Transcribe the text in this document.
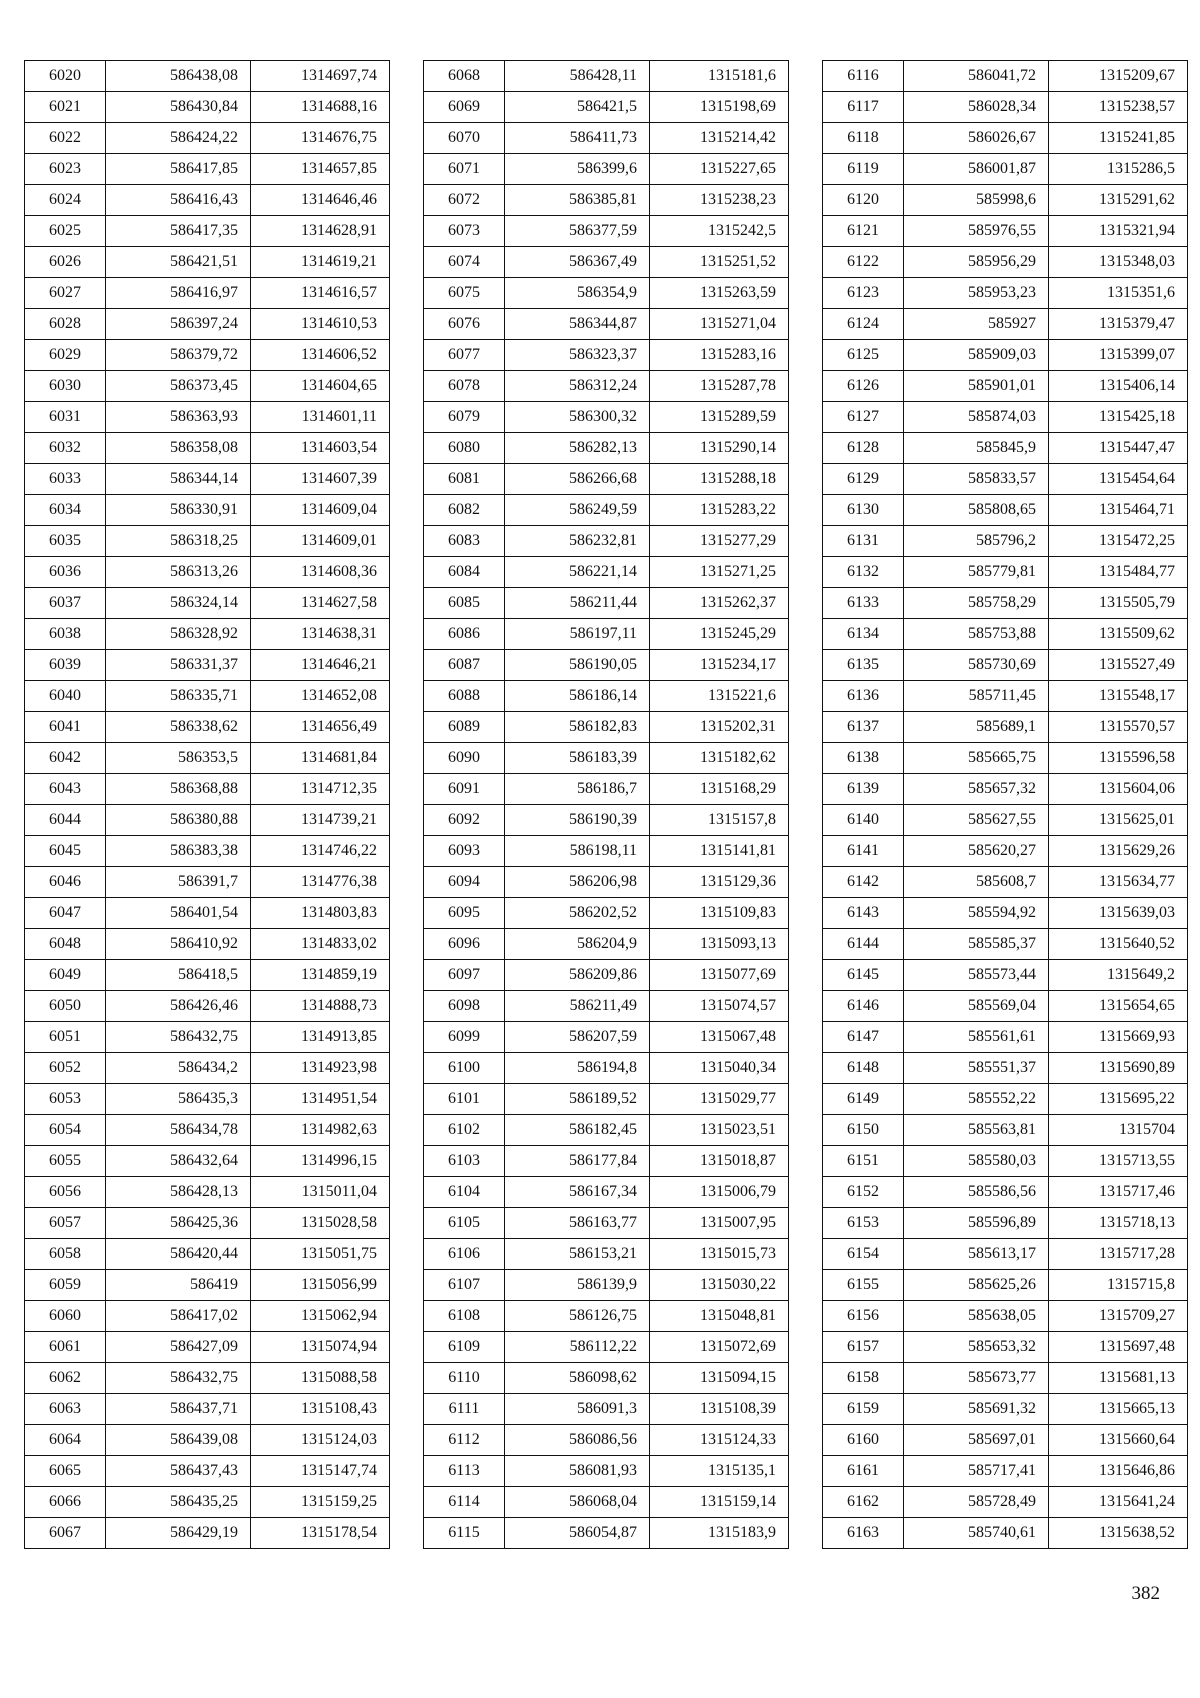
6020	586438,08	1314697,74
6021	586430,84	1314688,16
6022	586424,22	1314676,75
6023	586417,85	1314657,85
6024	586416,43	1314646,46
6025	586417,35	1314628,91
6026	586421,51	1314619,21
6027	586416,97	1314616,57
6028	586397,24	1314610,53
6029	586379,72	1314606,52
6030	586373,45	1314604,65
6031	586363,93	1314601,11
6032	586358,08	1314603,54
6033	586344,14	1314607,39
6034	586330,91	1314609,04
6035	586318,25	1314609,01
6036	586313,26	1314608,36
6037	586324,14	1314627,58
6038	586328,92	1314638,31
6039	586331,37	1314646,21
6040	586335,71	1314652,08
6041	586338,62	1314656,49
6042	586353,5	1314681,84
6043	586368,88	1314712,35
6044	586380,88	1314739,21
6045	586383,38	1314746,22
6046	586391,7	1314776,38
6047	586401,54	1314803,83
6048	586410,92	1314833,02
6049	586418,5	1314859,19
6050	586426,46	1314888,73
6051	586432,75	1314913,85
6052	586434,2	1314923,98
6053	586435,3	1314951,54
6054	586434,78	1314982,63
6055	586432,64	1314996,15
6056	586428,13	1315011,04
6057	586425,36	1315028,58
6058	586420,44	1315051,75
6059	586419	1315056,99
6060	586417,02	1315062,94
6061	586427,09	1315074,94
6062	586432,75	1315088,58
6063	586437,71	1315108,43
6064	586439,08	1315124,03
6065	586437,43	1315147,74
6066	586435,25	1315159,25
6067	586429,19	1315178,54
6068	586428,11	1315181,6
6069	586421,5	1315198,69
6070	586411,73	1315214,42
6071	586399,6	1315227,65
6072	586385,81	1315238,23
6073	586377,59	1315242,5
6074	586367,49	1315251,52
6075	586354,9	1315263,59
6076	586344,87	1315271,04
6077	586323,37	1315283,16
6078	586312,24	1315287,78
6079	586300,32	1315289,59
6080	586282,13	1315290,14
6081	586266,68	1315288,18
6082	586249,59	1315283,22
6083	586232,81	1315277,29
6084	586221,14	1315271,25
6085	586211,44	1315262,37
6086	586197,11	1315245,29
6087	586190,05	1315234,17
6088	586186,14	1315221,6
6089	586182,83	1315202,31
6090	586183,39	1315182,62
6091	586186,7	1315168,29
6092	586190,39	1315157,8
6093	586198,11	1315141,81
6094	586206,98	1315129,36
6095	586202,52	1315109,83
6096	586204,9	1315093,13
6097	586209,86	1315077,69
6098	586211,49	1315074,57
6099	586207,59	1315067,48
6100	586194,8	1315040,34
6101	586189,52	1315029,77
6102	586182,45	1315023,51
6103	586177,84	1315018,87
6104	586167,34	1315006,79
6105	586163,77	1315007,95
6106	586153,21	1315015,73
6107	586139,9	1315030,22
6108	586126,75	1315048,81
6109	586112,22	1315072,69
6110	586098,62	1315094,15
6111	586091,3	1315108,39
6112	586086,56	1315124,33
6113	586081,93	1315135,1
6114	586068,04	1315159,14
6115	586054,87	1315183,9
6116	586041,72	1315209,67
6117	586028,34	1315238,57
6118	586026,67	1315241,85
6119	586001,87	1315286,5
6120	585998,6	1315291,62
6121	585976,55	1315321,94
6122	585956,29	1315348,03
6123	585953,23	1315351,6
6124	585927	1315379,47
6125	585909,03	1315399,07
6126	585901,01	1315406,14
6127	585874,03	1315425,18
6128	585845,9	1315447,47
6129	585833,57	1315454,64
6130	585808,65	1315464,71
6131	585796,2	1315472,25
6132	585779,81	1315484,77
6133	585758,29	1315505,79
6134	585753,88	1315509,62
6135	585730,69	1315527,49
6136	585711,45	1315548,17
6137	585689,1	1315570,57
6138	585665,75	1315596,58
6139	585657,32	1315604,06
6140	585627,55	1315625,01
6141	585620,27	1315629,26
6142	585608,7	1315634,77
6143	585594,92	1315639,03
6144	585585,37	1315640,52
6145	585573,44	1315649,2
6146	585569,04	1315654,65
6147	585561,61	1315669,93
6148	585551,37	1315690,89
6149	585552,22	1315695,22
6150	585563,81	1315704
6151	585580,03	1315713,55
6152	585586,56	1315717,46
6153	585596,89	1315718,13
6154	585613,17	1315717,28
6155	585625,26	1315715,8
6156	585638,05	1315709,27
6157	585653,32	1315697,48
6158	585673,77	1315681,13
6159	585691,32	1315665,13
6160	585697,01	1315660,64
6161	585717,41	1315646,86
6162	585728,49	1315641,24
6163	585740,61	1315638,52
382
